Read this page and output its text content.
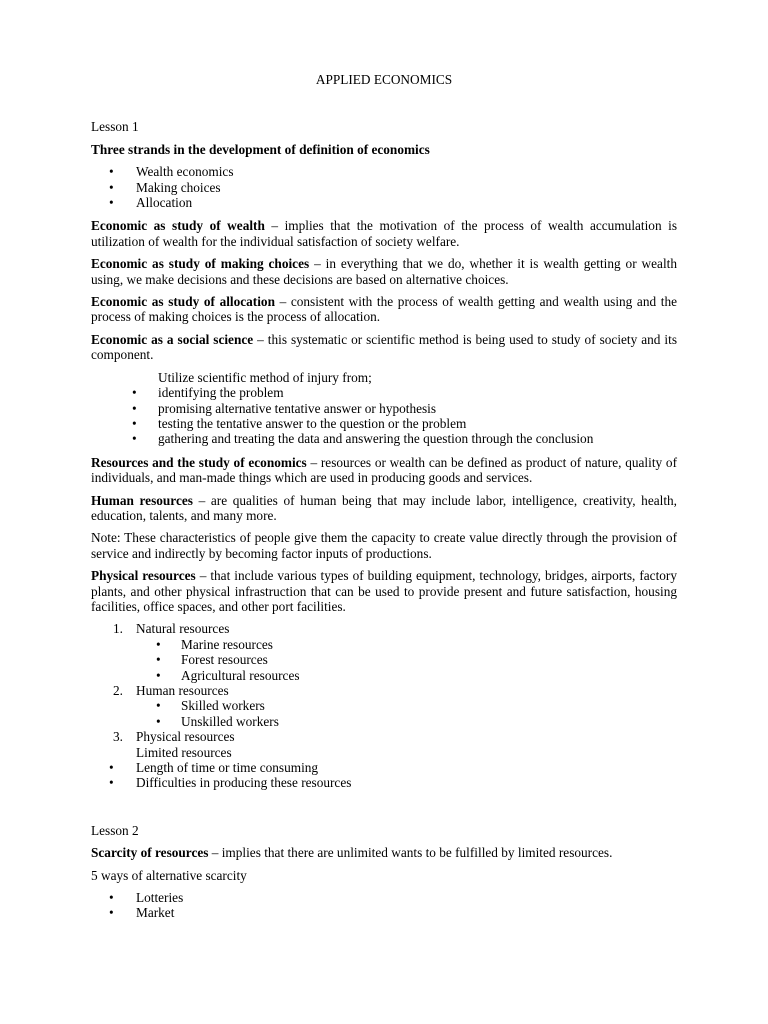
APPLIED ECONOMICS

Lesson 1

Three strands in the development of definition of economics

• Wealth economics
• Making choices
• Allocation

Economic as study of wealth – implies that the motivation of the process of wealth accumulation is utilization of wealth for the individual satisfaction of society welfare.

Economic as study of making choices – in everything that we do, whether it is wealth getting or wealth using, we make decisions and these decisions are based on alternative choices.

Economic as study of allocation – consistent with the process of wealth getting and wealth using and the process of making choices is the process of allocation.

Economic as a social science – this systematic or scientific method is being used to study of society and its component.

Utilize scientific method of injury from;

• identifying the problem
• promising alternative tentative answer or hypothesis
• testing the tentative answer to the question or the problem
• gathering and treating the data and answering the question through the conclusion

Resources and the study of economics – resources or wealth can be defined as product of nature, quality of individuals, and man-made things which are used in producing goods and services.

Human resources – are qualities of human being that may include labor, intelligence, creativity, health, education, talents, and many more.

Note: These characteristics of people give them the capacity to create value directly through the provision of service and indirectly by becoming factor inputs of productions.

Physical resources – that include various types of building equipment, technology, bridges, airports, factory plants, and other physical infrastruction that can be used to provide present and future satisfaction, housing facilities, office spaces, and other port facilities.

1. Natural resources
• Marine resources
• Forest resources
• Agricultural resources
2. Human resources
• Skilled workers
• Unskilled workers
3. Physical resources
Limited resources
• Length of time or time consuming
• Difficulties in producing these resources

Lesson 2

Scarcity of resources – implies that there are unlimited wants to be fulfilled by limited resources.

5 ways of alternative scarcity

• Lotteries
• Market
